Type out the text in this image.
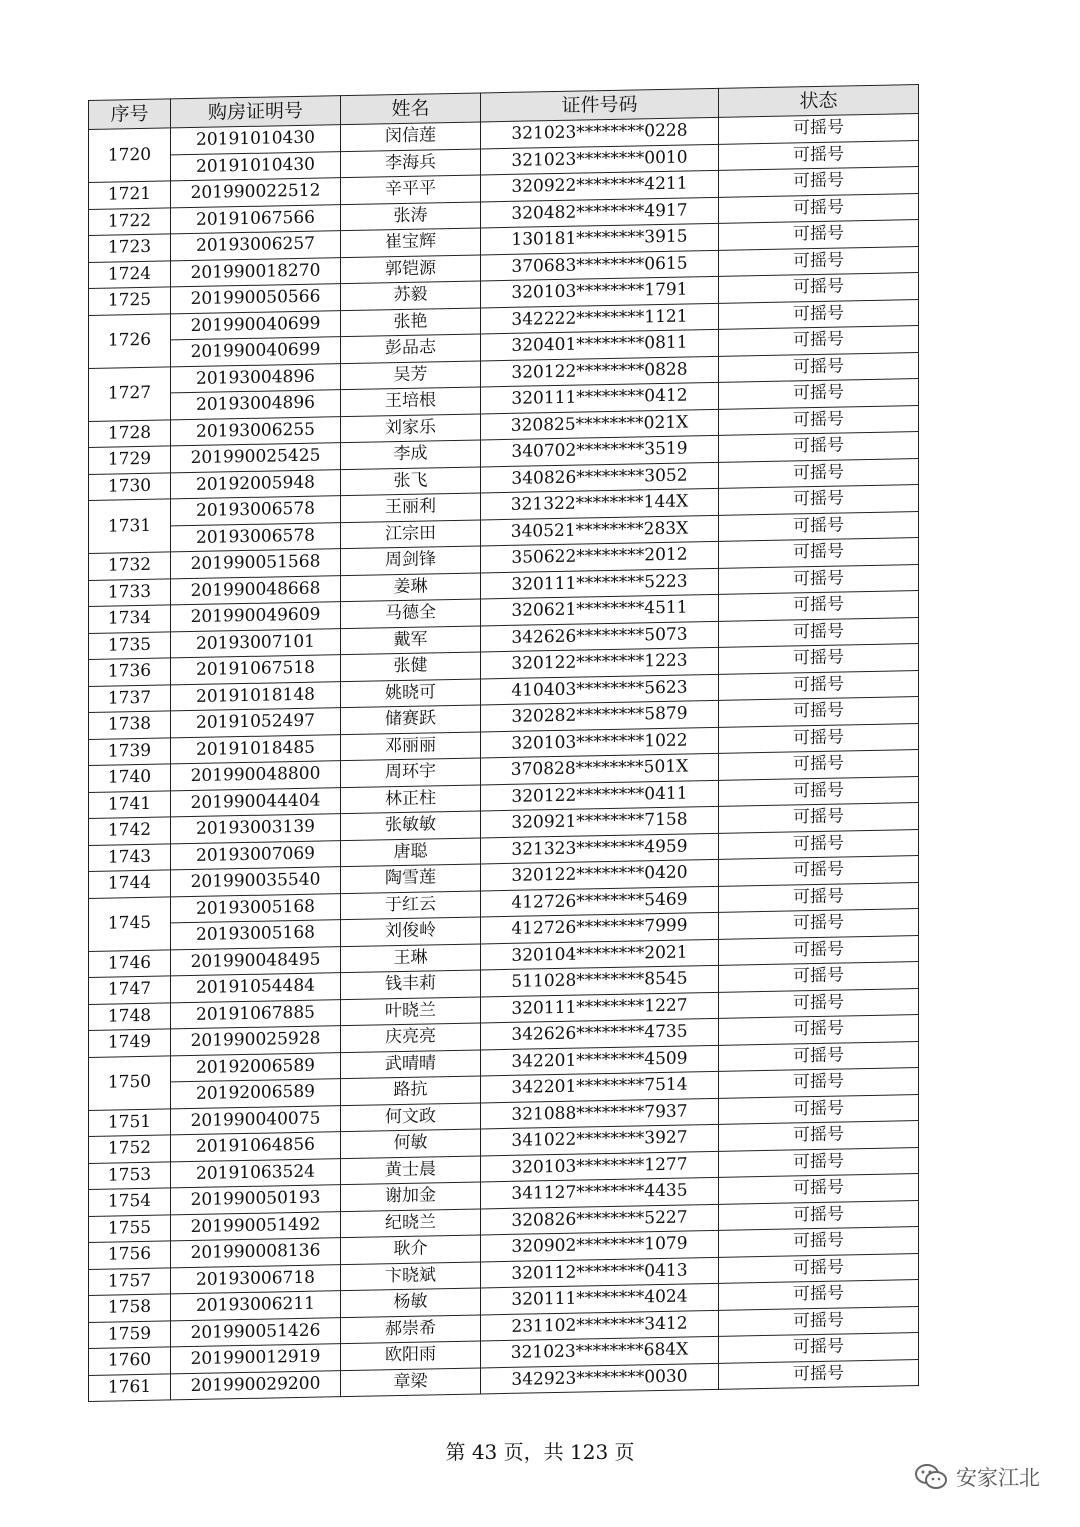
序号	购房证明号	姓名	证件号码	状态
1720	20191010430	闵信莲	321023********0228	可摇号
	20191010430	李海兵	321023********0010	可摇号
1721	201990022512	辛平平	320922********4211	可摇号
1722	20191067566	张涛	320482********4917	可摇号
1723	20193006257	崔宝辉	130181********3915	可摇号
1724	201990018270	郭铠源	370683********0615	可摇号
1725	201990050566	苏毅	320103********1791	可摇号
1726	201990040699	张艳	342222********1121	可摇号
	201990040699	彭品志	320401********0811	可摇号
1727	20193004896	吴芳	320122********0828	可摇号
	20193004896	王培根	320111********0412	可摇号
1728	20193006255	刘家乐	320825********021X	可摇号
1729	201990025425	李成	340702********3519	可摇号
1730	20192005948	张飞	340826********3052	可摇号
1731	20193006578	王丽利	321322********144X	可摇号
	20193006578	江宗田	340521********283X	可摇号
1732	201990051568	周剑锋	350622********2012	可摇号
1733	201990048668	姜琳	320111********5223	可摇号
1734	201990049609	马德全	320621********4511	可摇号
1735	20193007101	戴军	342626********5073	可摇号
1736	20191067518	张健	320122********1223	可摇号
1737	20191018148	姚晓可	410403********5623	可摇号
1738	20191052497	储赛跃	320282********5879	可摇号
1739	20191018485	邓丽丽	320103********1022	可摇号
1740	201990048800	周环宇	370828********501X	可摇号
1741	201990044404	林正柱	320122********0411	可摇号
1742	20193003139	张敏敏	320921********7158	可摇号
1743	20193007069	唐聪	321323********4959	可摇号
1744	201990035540	陶雪莲	320122********0420	可摇号
1745	20193005168	于红云	412726********5469	可摇号
	20193005168	刘俊岭	412726********7999	可摇号
1746	201990048495	王琳	320104********2021	可摇号
1747	20191054484	钱丰莉	511028********8545	可摇号
1748	20191067885	叶晓兰	320111********1227	可摇号
1749	201990025928	庆亮亮	342626********4735	可摇号
1750	20192006589	武晴晴	342201********4509	可摇号
	20192006589	路抗	342201********7514	可摇号
1751	201990040075	何文政	321088********7937	可摇号
1752	20191064856	何敏	341022********3927	可摇号
1753	20191063524	黄士晨	320103********1277	可摇号
1754	201990050193	谢加金	341127********4435	可摇号
1755	201990051492	纪晓兰	320826********5227	可摇号
1756	201990008136	耿介	320902********1079	可摇号
1757	20193006718	卞晓斌	320112********0413	可摇号
1758	20193006211	杨敏	320111********4024	可摇号
1759	201990051426	郝崇希	231102********3412	可摇号
1760	201990012919	欧阳雨	321023********684X	可摇号
1761	201990029200	章梁	342923********0030	可摇号
第 43 页，共 123 页
安家江北
